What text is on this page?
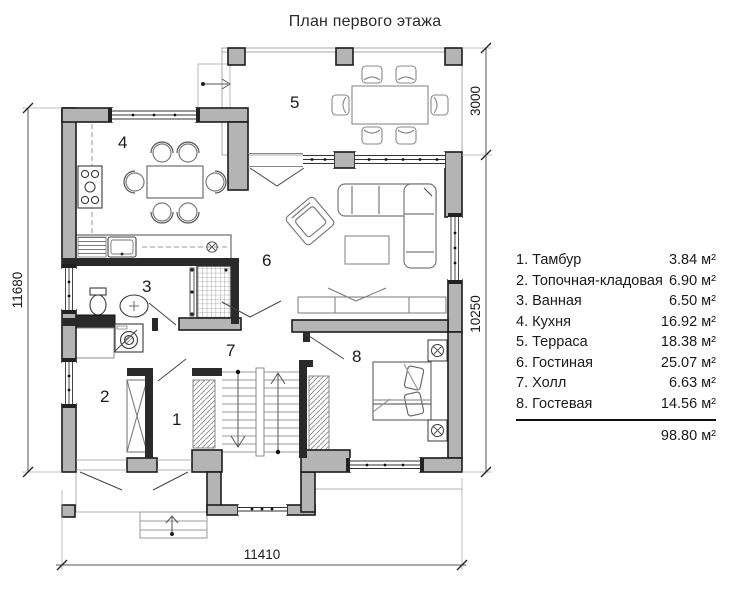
План первого этажа
11680
11410
3000
10250
1
2
3
4
5
6
7	8
1. Тамбур	3.84 м²
2. Топочная-кладовая 6.90 м²
3. Ванная	6.50 м²
4. Кухня	16.92 м²
5. Терраса	18.38 м²
6. Гостиная	25.07 м²
7. Холл	6.63 м²
8. Гостевая	14.56 м²
98.80 м²
